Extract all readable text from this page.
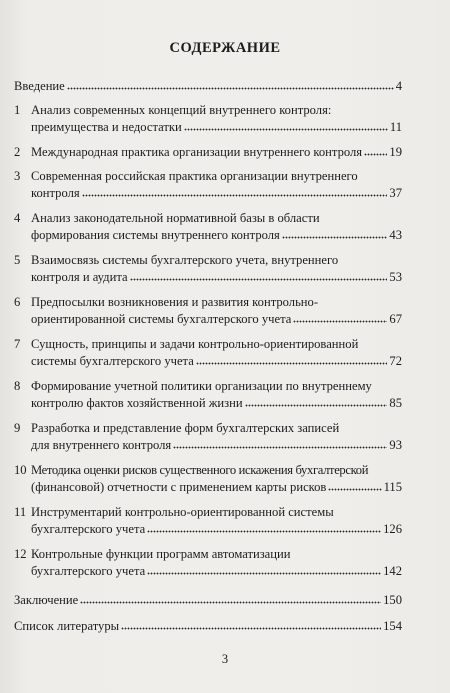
СОДЕРЖАНИЕ
Введение	4
1 Анализ современных концепций внутреннего контроля:
преимущества и недостатки	11
2 Международная практика организации внутреннего контроля 19
3 Современная российская практика организации внутреннего
контроля	37
4 Анализ законодательной нормативной базы в области
формирования системы внутреннего контроля	43
5 Взаимосвязь системы бухгалтерского учета, внутреннего
контроля и аудита	53
6 Предпосылки возникновения и развития контрольно-
ориентированной системы бухгалтерского учета	67
7 Сущность, принципы и задачи контрольно-ориентированной
системы бухгалтерского учета	72
8 Формирование учетной политики организации по внутреннему
контролю фактов хозяйственной жизни	85
9 Разработка и представление форм бухгалтерских записей
для внутреннего контроля	93
10 Методика оценки рисков существенного искажения бухгалтерской
(финансовой) отчетности с применением карты рисков	115
11 Инструментарий контрольно-ориентированной системы
бухгалтерского учета	126
12 Контрольные функции программ автоматизации
бухгалтерского учета	142
Заключение	150
Список литературы	154
3
